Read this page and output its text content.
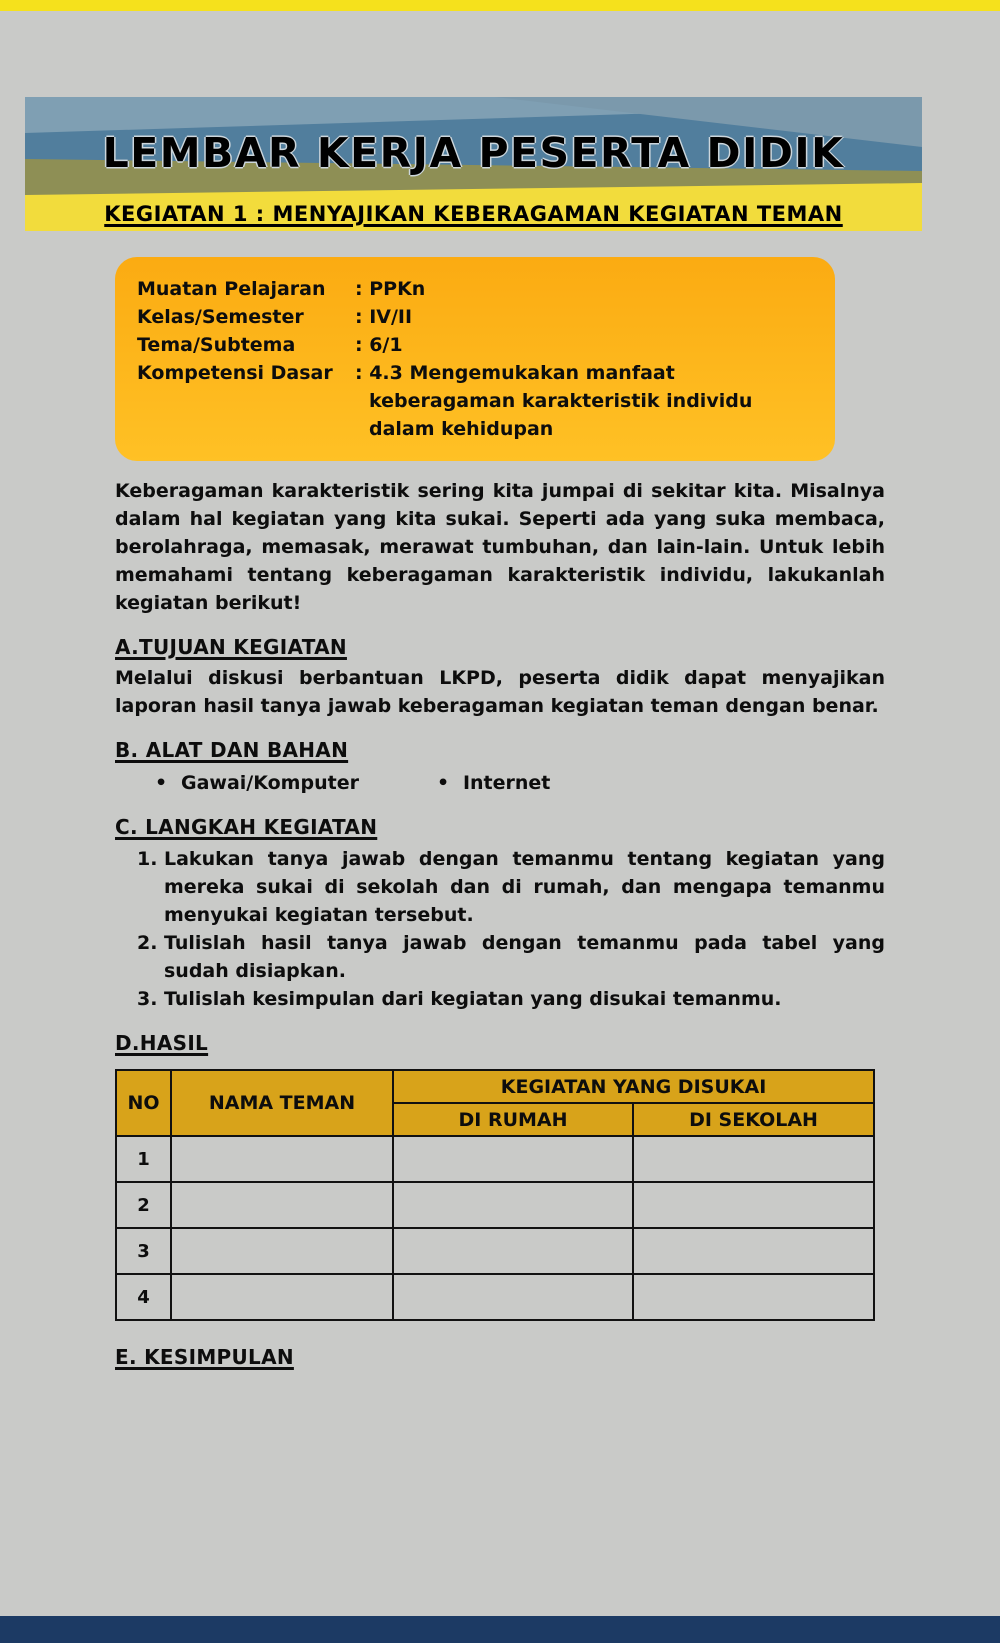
LEMBAR KERJA PESERTA DIDIK
KEGIATAN 1 : MENYAJIKAN KEBERAGAMAN KEGIATAN TEMAN
Muatan Pelajaran	: PPKn
Kelas/Semester	: IV/II
Tema/Subtema	: 6/1
Kompetensi Dasar	: 4.3 Mengemukakan manfaat keberagaman karakteristik individu dalam kehidupan

Keberagaman karakteristik sering kita jumpai di sekitar kita. Misalnya dalam hal kegiatan yang kita sukai. Seperti ada yang suka membaca, berolahraga, memasak, merawat tumbuhan, dan lain-lain. Untuk lebih memahami tentang keberagaman karakteristik individu, lakukanlah kegiatan berikut!

A.TUJUAN KEGIATAN

Melalui diskusi berbantuan LKPD, peserta didik dapat menyajikan laporan hasil tanya jawab keberagaman kegiatan teman dengan benar.

B. ALAT DAN BAHAN
• Gawai/Komputer	• Internet
C. LANGKAH KEGIATAN
1. Lakukan tanya jawab dengan temanmu tentang kegiatan yang mereka sukai di sekolah dan di rumah, dan mengapa temanmu menyukai kegiatan tersebut.
2. Tulislah hasil tanya jawab dengan temanmu pada tabel yang sudah disiapkan.
3. Tulislah kesimpulan dari kegiatan yang disukai temanmu.
D.HASIL
NO	NAMA TEMAN	KEGIATAN YANG DISUKAI	
		DI RUMAH	DI SEKOLAH
1			
2			
3			
4			
E. KESIMPULAN
